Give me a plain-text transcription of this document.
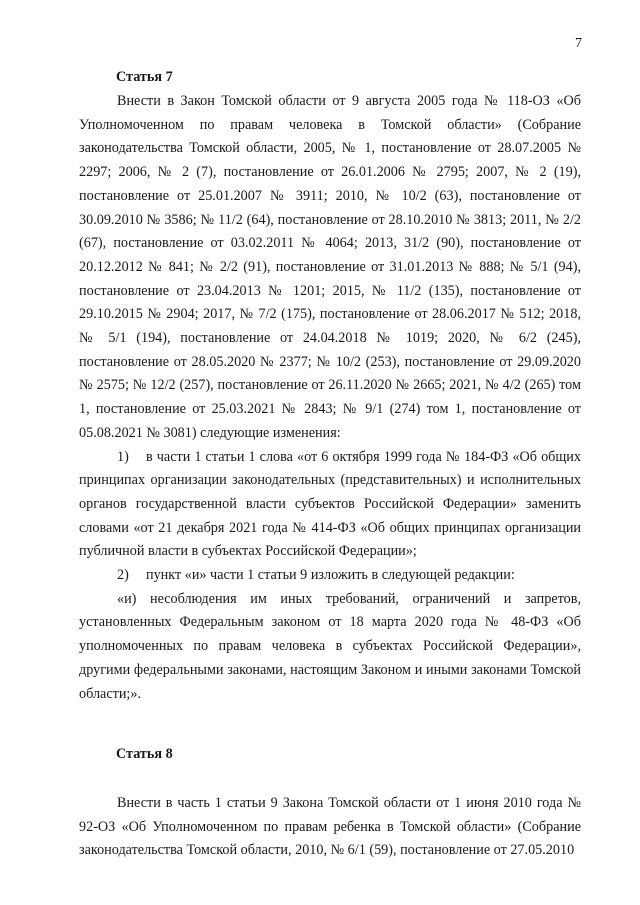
7
Статья 7

Внести в Закон Томской области от 9 августа 2005 года № 118-ОЗ «Об Уполномоченном по правам человека в Томской области» (Собрание законодательства Томской области, 2005, № 1, постановление от 28.07.2005 № 2297; 2006, № 2 (7), постановление от 26.01.2006 № 2795; 2007, № 2 (19), постановление от 25.01.2007 № 3911; 2010, № 10/2 (63), постановление от 30.09.2010 № 3586; № 11/2 (64), постановление от 28.10.2010 № 3813; 2011, № 2/2 (67), постановление от 03.02.2011 № 4064; 2013, 31/2 (90), постановление от 20.12.2012 № 841; № 2/2 (91), постановление от 31.01.2013 № 888; № 5/1 (94), постановление от 23.04.2013 № 1201; 2015, № 11/2 (135), постановление от 29.10.2015 № 2904; 2017, № 7/2 (175), постановление от 28.06.2017 № 512; 2018, № 5/1 (194), постановление от 24.04.2018 № 1019; 2020, № 6/2 (245), постановление от 28.05.2020 № 2377; № 10/2 (253), постановление от 29.09.2020 № 2575; № 12/2 (257), постановление от 26.11.2020 № 2665; 2021, № 4/2 (265) том 1, постановление от 25.03.2021 № 2843; № 9/1 (274) том 1, постановление от 05.08.2021 № 3081) следующие изменения:

1) в части 1 статьи 1 слова «от 6 октября 1999 года № 184-ФЗ «Об общих принципах организации законодательных (представительных) и исполнительных органов государственной власти субъектов Российской Федерации» заменить словами «от 21 декабря 2021 года № 414-ФЗ «Об общих принципах организации публичной власти в субъектах Российской Федерации»;

2) пункт «и» части 1 статьи 9 изложить в следующей редакции:

«и) несоблюдения им иных требований, ограничений и запретов, установленных Федеральным законом от 18 марта 2020 года № 48-ФЗ «Об уполномоченных по правам человека в субъектах Российской Федерации», другими федеральными законами, настоящим Законом и иными законами Томской области;».

Статья 8

Внести в часть 1 статьи 9 Закона Томской области от 1 июня 2010 года № 92-ОЗ «Об Уполномоченном по правам ребенка в Томской области» (Собрание законодательства Томской области, 2010, № 6/1 (59), постановление от 27.05.2010
